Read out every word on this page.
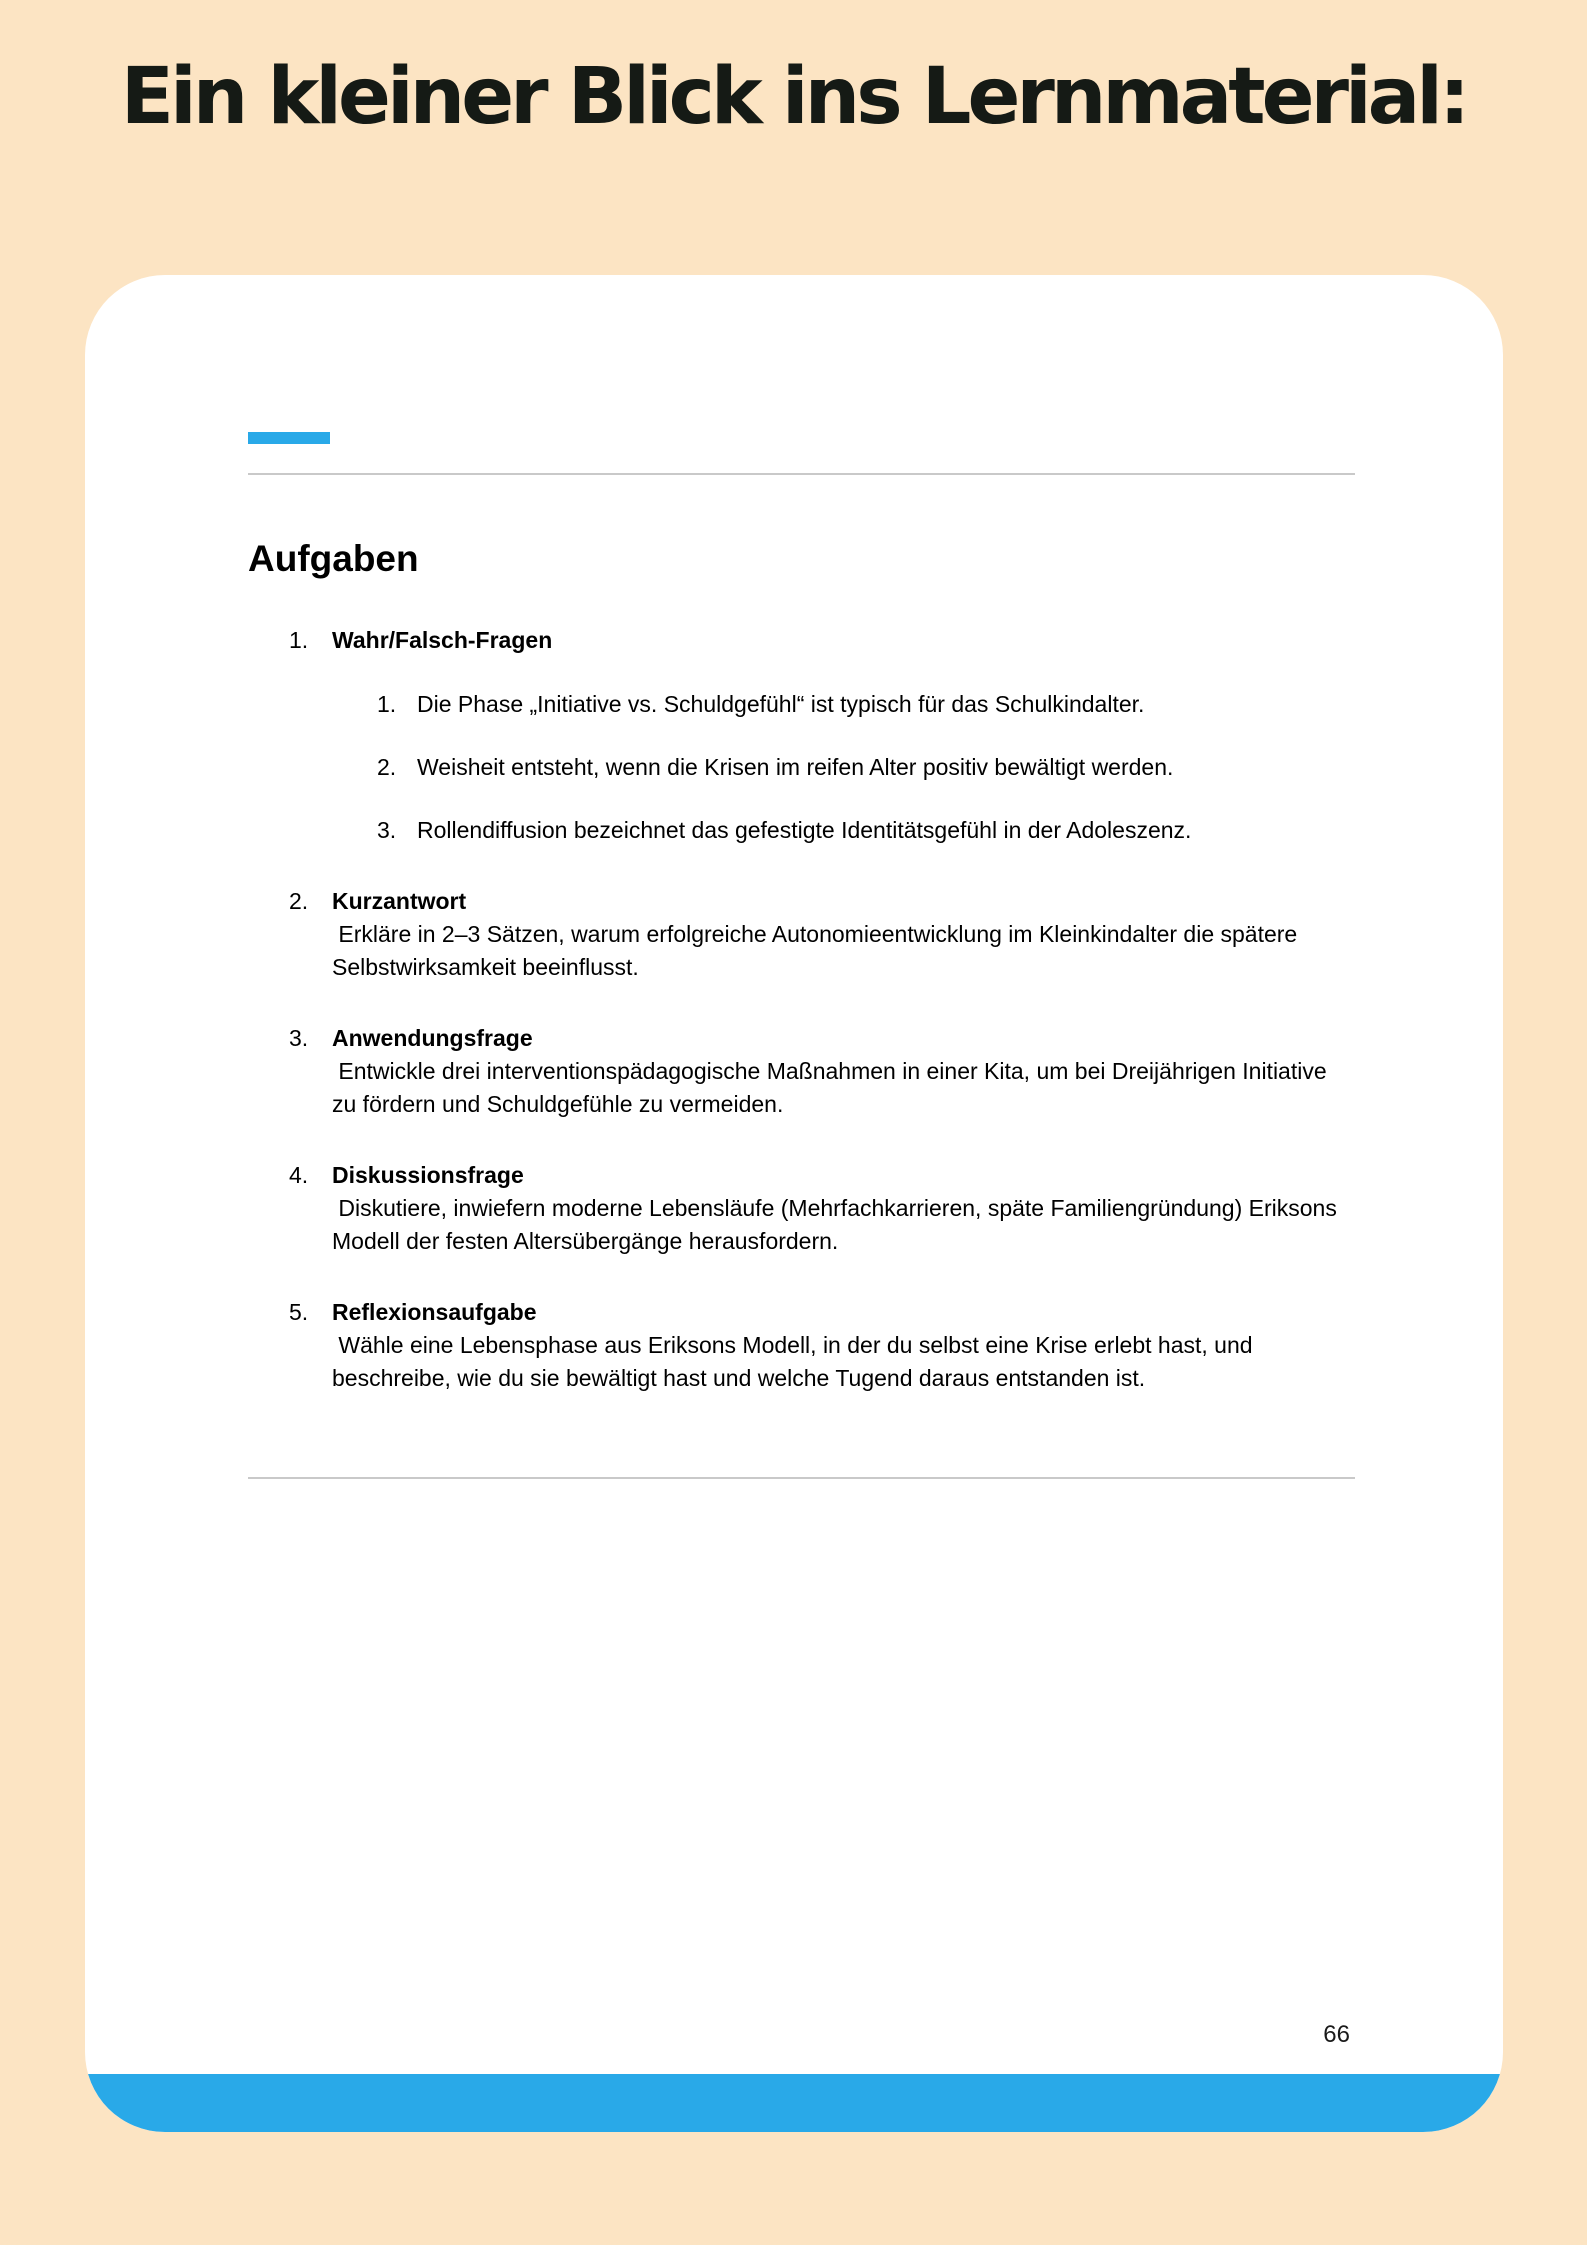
Ein kleiner Blick ins Lernmaterial:
Aufgaben
1.	Wahr/Falsch-Fragen
1. Die Phase „Initiative vs. Schuldgefühl“ ist typisch für das Schulkindalter.
2. Weisheit entsteht, wenn die Krisen im reifen Alter positiv bewältigt werden.
3. Rollendiffusion bezeichnet das gefestigte Identitätsgefühl in der Adoleszenz.
2.	Kurzantwort
Erkläre in 2–3 Sätzen, warum erfolgreiche Autonomieentwicklung im Kleinkindalter die spätere Selbstwirksamkeit beeinflusst.
3.	Anwendungsfrage
Entwickle drei interventionspädagogische Maßnahmen in einer Kita, um bei Dreijährigen Initiative zu fördern und Schuldgefühle zu vermeiden.
4.	Diskussionsfrage
Diskutiere, inwiefern moderne Lebensläufe (Mehrfachkarrieren, späte Familiengründung) Eriksons Modell der festen Altersübergänge herausfordern.
5.	Reflexionsaufgabe
Wähle eine Lebensphase aus Eriksons Modell, in der du selbst eine Krise erlebt hast, und beschreibe, wie du sie bewältigt hast und welche Tugend daraus entstanden ist.
66
